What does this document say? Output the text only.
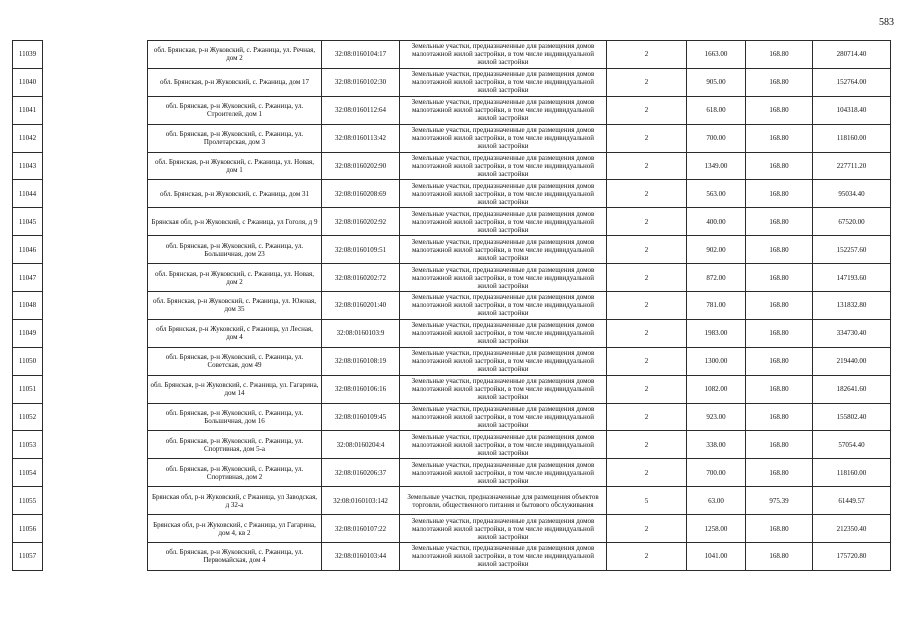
583
11039		обл. Брянская, р-н Жуковский, с. Ржаница, ул. Речная, дом 2	32:08:0160104:17	Земельные участки, предназначенные для размещения домов малоэтажной жилой застройки, в том числе индивидуальной жилой застройки	2	1663.00	168.80	280714.40
11040		обл. Брянская, р-н Жуковский, с. Ржаница, дом 17	32:08:0160102:30	Земельные участки, предназначенные для размещения домов малоэтажной жилой застройки, в том числе индивидуальной жилой застройки	2	905.00	168.80	152764.00
11041		обл. Брянская, р-н Жуковский, с. Ржаница, ул. Строителей, дом 1	32:08:0160112:64	Земельные участки, предназначенные для размещения домов малоэтажной жилой застройки, в том числе индивидуальной жилой застройки	2	618.00	168.80	104318.40
11042		обл. Брянская, р-н Жуковский, с. Ржаница, ул. Пролетарская, дом 3	32:08:0160113:42	Земельные участки, предназначенные для размещения домов малоэтажной жилой застройки, в том числе индивидуальной жилой застройки	2	700.00	168.80	118160.00
11043		обл. Брянская, р-н Жуковский, с. Ржаница, ул. Новая, дом 1	32:08:0160202:90	Земельные участки, предназначенные для размещения домов малоэтажной жилой застройки, в том числе индивидуальной жилой застройки	2	1349.00	168.80	227711.20
11044		обл. Брянская, р-н Жуковский, с. Ржаница, дом 31	32:08:0160208:69	Земельные участки, предназначенные для размещения домов малоэтажной жилой застройки, в том числе индивидуальной жилой застройки	2	563.00	168.80	95034.40
11045		Брянская обл, р-н Жуковский, с Ржаница, ул Гоголя, д 9	32:08:0160202:92	Земельные участки, предназначенные для размещения домов малоэтажной жилой застройки, в том числе индивидуальной жилой застройки	2	400.00	168.80	67520.00
11046		обл. Брянская, р-н Жуковский, с. Ржаница, ул. Большичная, дом 23	32:08:0160109:51	Земельные участки, предназначенные для размещения домов малоэтажной жилой застройки, в том числе индивидуальной жилой застройки	2	902.00	168.80	152257.60
11047		обл. Брянская, р-н Жуковский, с. Ржаница, ул. Новая, дом 2	32:08:0160202:72	Земельные участки, предназначенные для размещения домов малоэтажной жилой застройки, в том числе индивидуальной жилой застройки	2	872.00	168.80	147193.60
11048		обл. Брянская, р-н Жуковский, с. Ржаница, ул. Южная, дом 35	32:08:0160201:40	Земельные участки, предназначенные для размещения домов малоэтажной жилой застройки, в том числе индивидуальной жилой застройки	2	781.00	168.80	131832.80
11049		обл Брянская, р-н Жуковский, с Ржаница, ул Лесная, дом 4	32:08:0160103:9	Земельные участки, предназначенные для размещения домов малоэтажной жилой застройки, в том числе индивидуальной жилой застройки	2	1983.00	168.80	334730.40
11050		обл. Брянская, р-н Жуковский, с. Ржаница, ул. Советская, дом 49	32:08:0160108:19	Земельные участки, предназначенные для размещения домов малоэтажной жилой застройки, в том числе индивидуальной жилой застройки	2	1300.00	168.80	219440.00
11051		обл. Брянская, р-н Жуковский, с. Ржаница, ул. Гагарина, дом 14	32:08:0160106:16	Земельные участки, предназначенные для размещения домов малоэтажной жилой застройки, в том числе индивидуальной жилой застройки	2	1082.00	168.80	182641.60
11052		обл. Брянская, р-н Жуковский, с. Ржаница, ул. Большичная, дом 16	32:08:0160109:45	Земельные участки, предназначенные для размещения домов малоэтажной жилой застройки, в том числе индивидуальной жилой застройки	2	923.00	168.80	155802.40
11053		обл. Брянская, р-н Жуковский, с. Ржаница, ул. Спортивная, дом 5-а	32:08:0160204:4	Земельные участки, предназначенные для размещения домов малоэтажной жилой застройки, в том числе индивидуальной жилой застройки	2	338.00	168.80	57054.40
11054		обл. Брянская, р-н Жуковский, с. Ржаница, ул. Спортивная, дом 2	32:08:0160206:37	Земельные участки, предназначенные для размещения домов малоэтажной жилой застройки, в том числе индивидуальной жилой застройки	2	700.00	168.80	118160.00
11055		Брянская обл, р-н Жуковский, с Ржаница, ул Заводская, д 32-а	32:08:0160103:142	Земельные участки, предназначенные для размещения объектов торговли, общественного питания и бытового обслуживания	5	63.00	975.39	61449.57
11056		Брянская обл, р-н Жуковский, с Ржаница, ул Гагарина, дом 4, кв 2	32:08:0160107:22	Земельные участки, предназначенные для размещения домов малоэтажной жилой застройки, в том числе индивидуальной жилой застройки	2	1258.00	168.80	212350.40
11057		обл. Брянская, р-н Жуковский, с. Ржаница, ул. Первомайская, дом 4	32:08:0160103:44	Земельные участки, предназначенные для размещения домов малоэтажной жилой застройки, в том числе индивидуальной жилой застройки	2	1041.00	168.80	175720.80
